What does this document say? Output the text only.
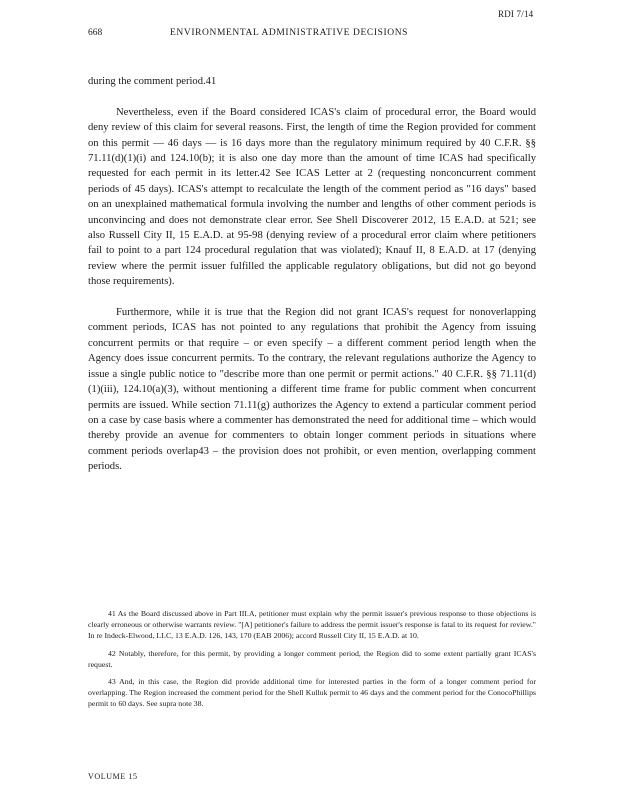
RDI 7/14
668	ENVIRONMENTAL ADMINISTRATIVE DECISIONS

during the comment period.41

Nevertheless, even if the Board considered ICAS's claim of procedural error, the Board would deny review of this claim for several reasons. First, the length of time the Region provided for comment on this permit — 46 days — is 16 days more than the regulatory minimum required by 40 C.F.R. §§ 71.11(d)(1)(i) and 124.10(b); it is also one day more than the amount of time ICAS had specifically requested for each permit in its letter.42 See ICAS Letter at 2 (requesting nonconcurrent comment periods of 45 days). ICAS's attempt to recalculate the length of the comment period as "16 days" based on an unexplained mathematical formula involving the number and lengths of other comment periods is unconvincing and does not demonstrate clear error. See Shell Discoverer 2012, 15 E.A.D. at 521; see also Russell City II, 15 E.A.D. at 95-98 (denying review of a procedural error claim where petitioners fail to point to a part 124 procedural regulation that was violated); Knauf II, 8 E.A.D. at 17 (denying review where the permit issuer fulfilled the applicable regulatory obligations, but did not go beyond those requirements).

Furthermore, while it is true that the Region did not grant ICAS's request for nonoverlapping comment periods, ICAS has not pointed to any regulations that prohibit the Agency from issuing concurrent permits or that require – or even specify – a different comment period length when the Agency does issue concurrent permits. To the contrary, the relevant regulations authorize the Agency to issue a single public notice to "describe more than one permit or permit actions." 40 C.F.R. §§ 71.11(d)(1)(iii), 124.10(a)(3), without mentioning a different time frame for public comment when concurrent permits are issued. While section 71.11(g) authorizes the Agency to extend a particular comment period on a case by case basis where a commenter has demonstrated the need for additional time – which would thereby provide an avenue for commenters to obtain longer comment periods in situations where comment periods overlap43 – the provision does not prohibit, or even mention, overlapping comment periods.

41 As the Board discussed above in Part III.A, petitioner must explain why the permit issuer's previous response to those objections is clearly erroneous or otherwise warrants review. "[A] petitioner's failure to address the permit issuer's response is fatal to its request for review." In re Indeck-Elwood, LLC, 13 E.A.D. 126, 143, 170 (EAB 2006); accord Russell City II, 15 E.A.D. at 10.

42 Notably, therefore, for this permit, by providing a longer comment period, the Region did to some extent partially grant ICAS's request.

43 And, in this case, the Region did provide additional time for interested parties in the form of a longer comment period for overlapping. The Region increased the comment period for the Shell Kulluk permit to 46 days and the comment period for the ConocoPhillips permit to 60 days. See supra note 38.

VOLUME 15
